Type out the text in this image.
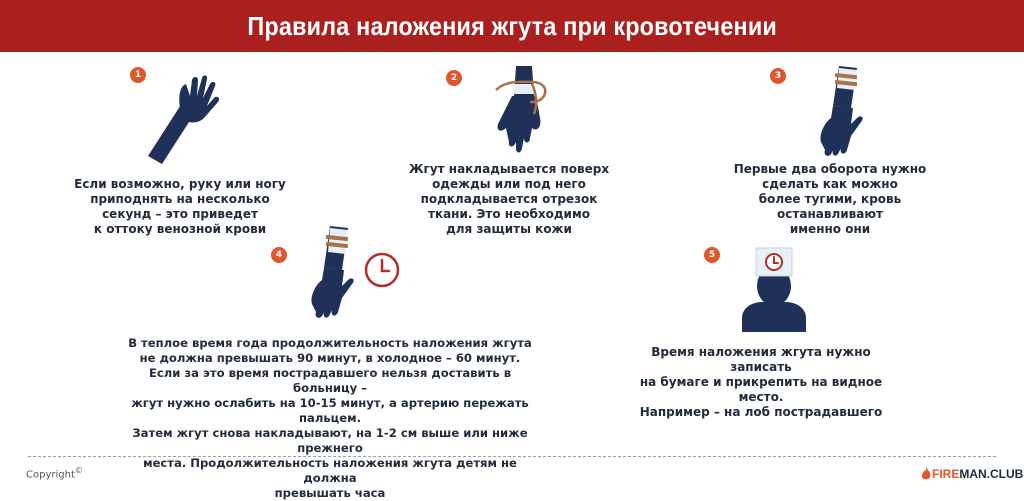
Правила наложения жгута при кровотечении
1
Если возможно, руку или ногу
приподнять на несколько
секунд – это приведет
к оттоку венозной крови
2
Жгут накладывается поверх
одежды или под него
подкладывается отрезок
ткани. Это необходимо
для защиты кожи
3
Первые два оборота нужно
сделать как можно
более тугими, кровь
останавливают
именно они
4
В теплое время года продолжительность наложения жгута
не должна превышать 90 минут, в холодное – 60 минут.
Если за это время пострадавшего нельзя доставить в больницу –
жгут нужно ослабить на 10-15 минут, а артерию пережать пальцем.
Затем жгут снова накладывают, на 1-2 см выше или ниже прежнего
места. Продолжительность наложения жгута детям не должна
превышать часа
5
Время наложения жгута нужно записать
на бумаге и прикрепить на видное место.
Например – на лоб пострадавшего
Copyright©	FIRE MAN.CLUB
